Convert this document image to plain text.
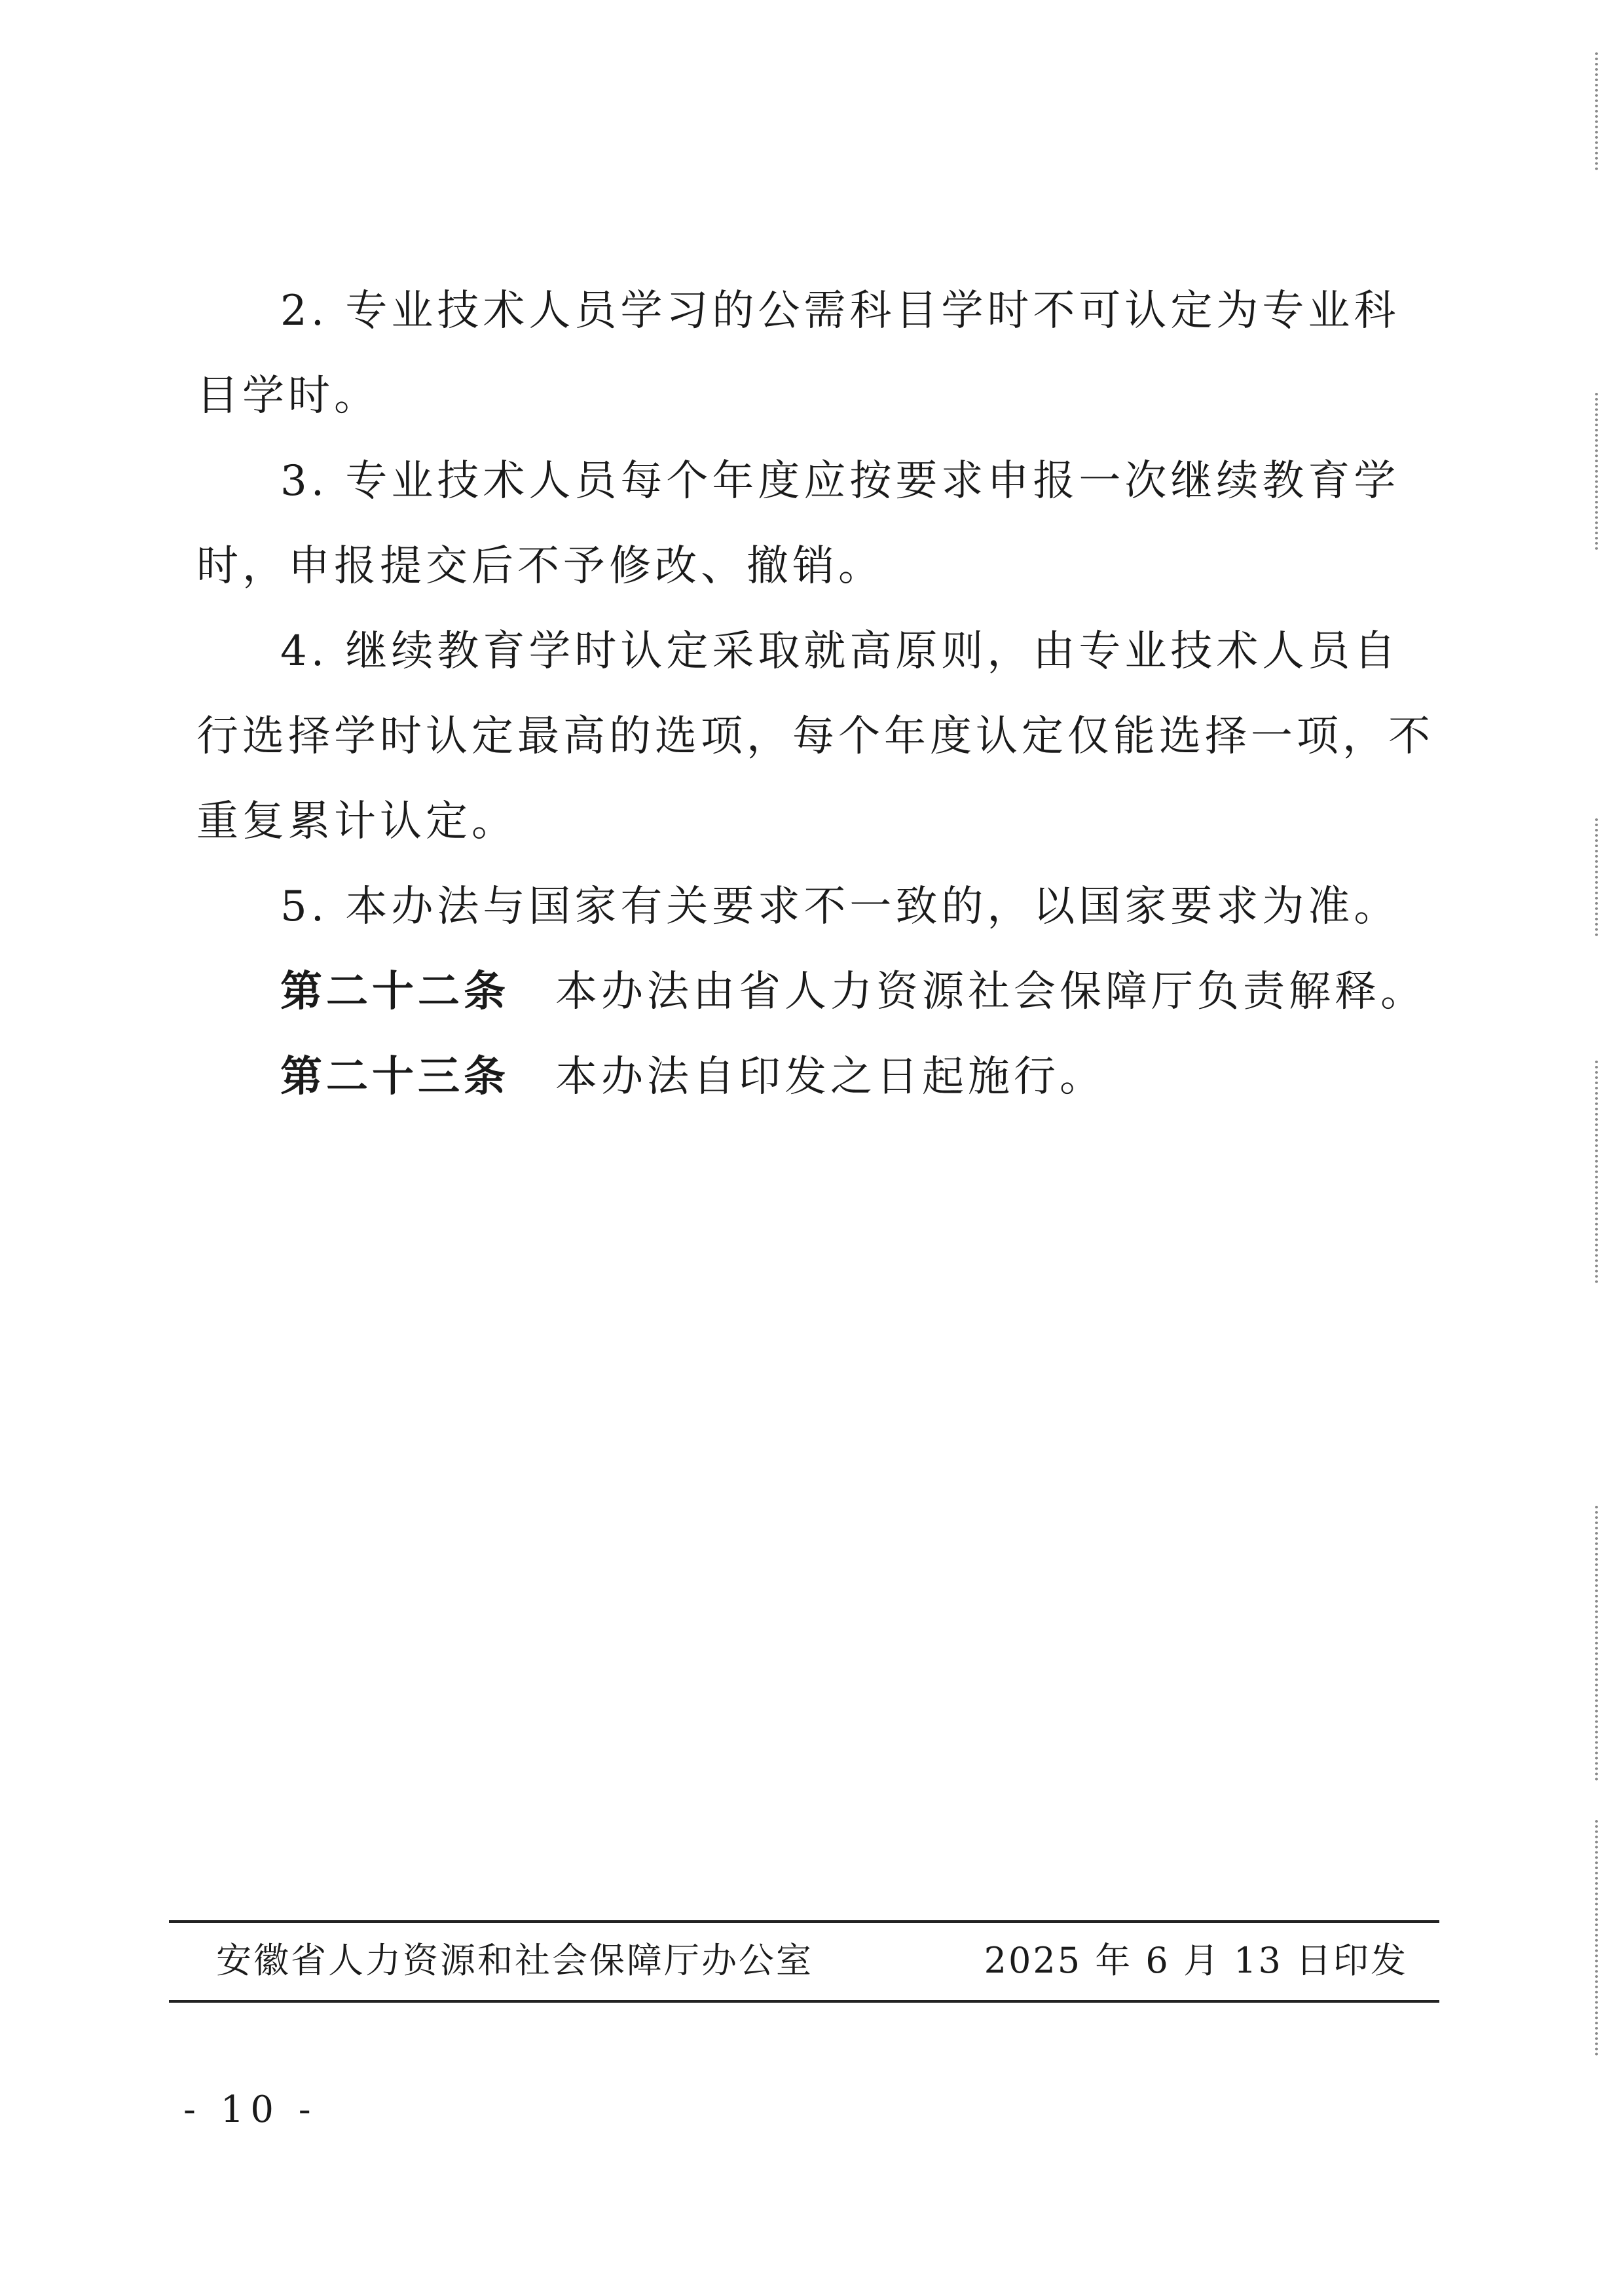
2. 专业技术人员学习的公需科目学时不可认定为专业科目学时。

3. 专业技术人员每个年度应按要求申报一次继续教育学时，申报提交后不予修改、撤销。

4. 继续教育学时认定采取就高原则，由专业技术人员自行选择学时认定最高的选项，每个年度认定仅能选择一项，不重复累计认定。

5. 本办法与国家有关要求不一致的，以国家要求为准。

第二十二条 本办法由省人力资源社会保障厅负责解释。

第二十三条 本办法自印发之日起施行。

安徽省人力资源和社会保障厅办公室	2025 年 6 月 13 日印发
- 10 -
